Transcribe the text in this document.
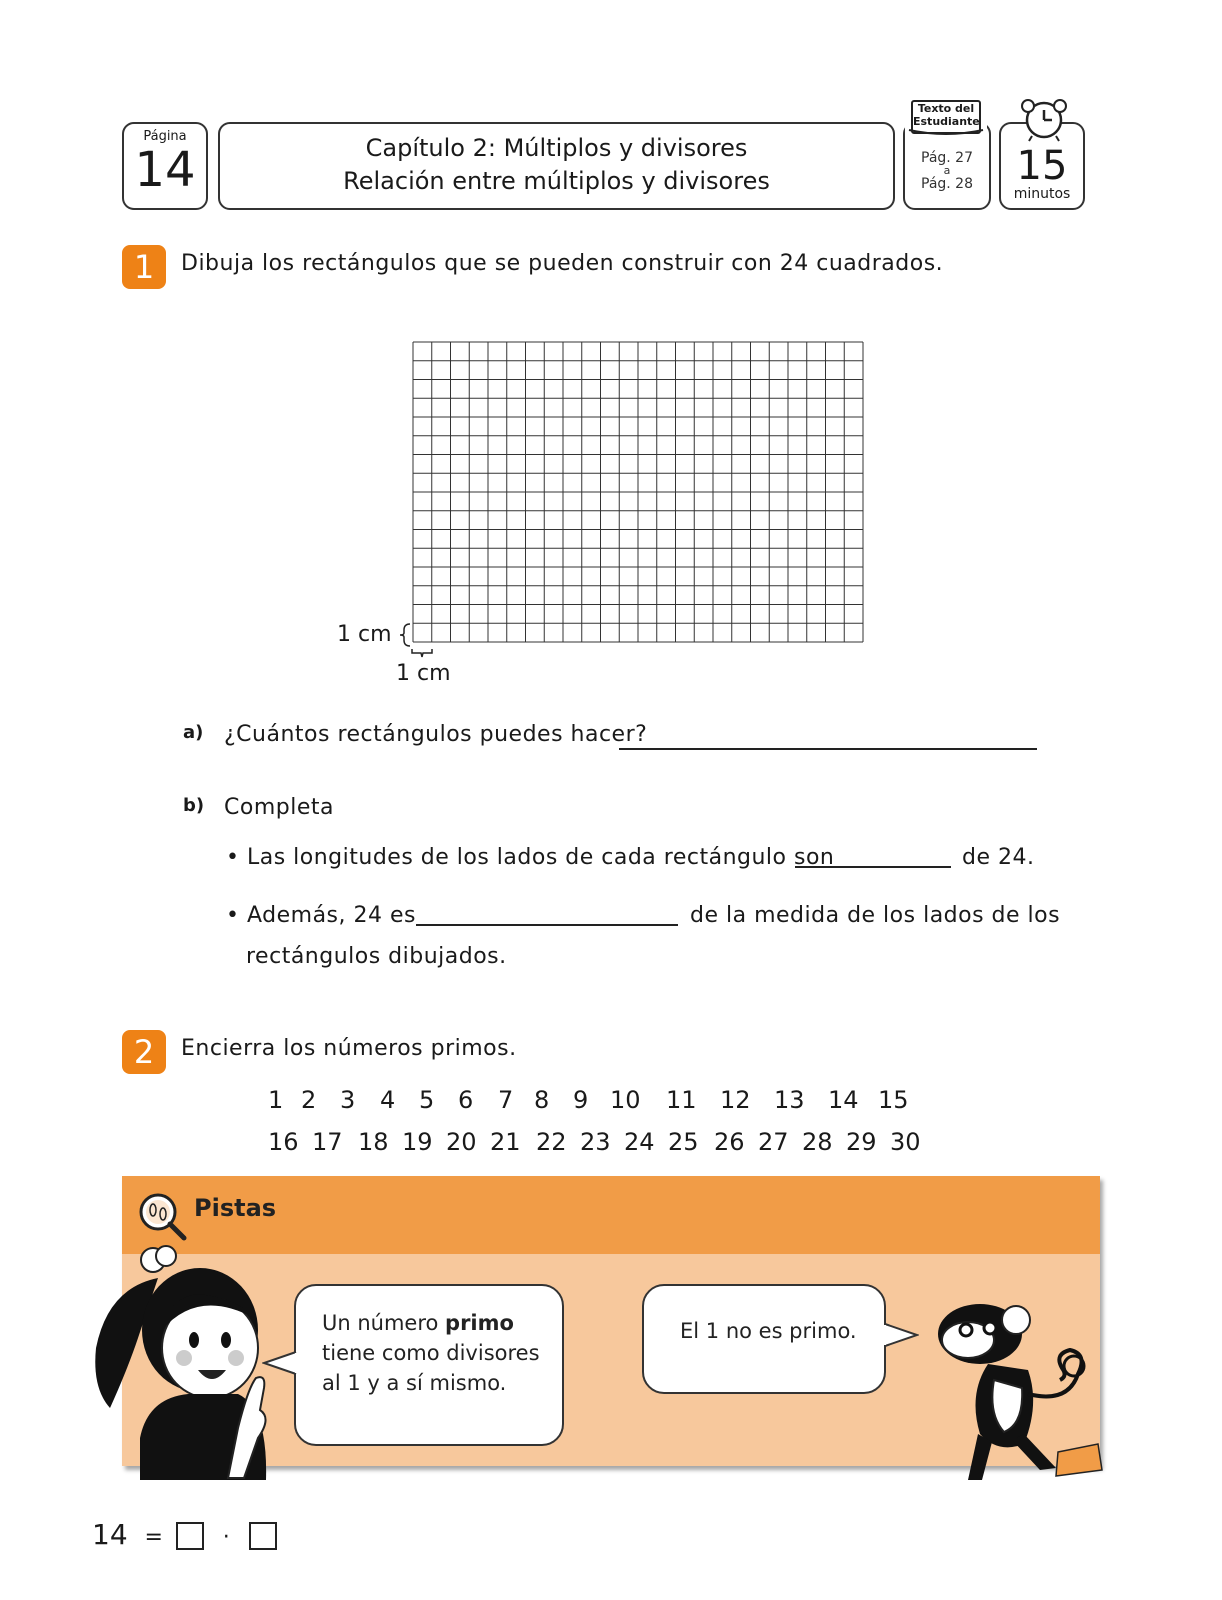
Página
14	Capítulo 2: Múltiplos y divisores
Relación entre múltiplos y divisores
Pág. 27
a
Pág. 28
Texto del Estudiante
15
minutos
1	Dibuja los rectángulos que se pueden construir con 24 cuadrados.
1 cm
1 cm
a) ¿Cuántos rectángulos puedes hacer?
b) Completa
• Las longitudes de los lados de cada rectángulo son	de 24.
• Además, 24 es	de la medida de los lados de los
rectángulos dibujados.
2	Encierra los números primos.
1 2 3 4 5 6 7 8 9 10 11 12 13 14 15
16 17 18 19 20 21 22 23 24 25 26 27 28 29 30
Pistas
Un número primo
tiene como divisores
al 1 y a sí mismo.
El 1 no es primo.
14 =	·
